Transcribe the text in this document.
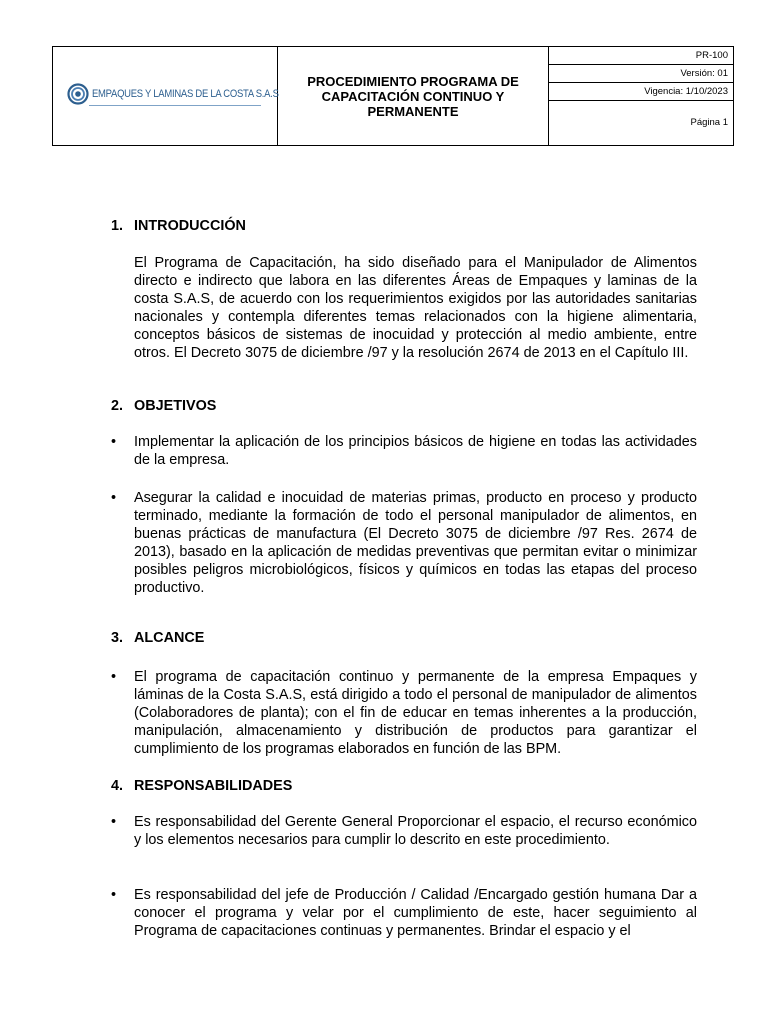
EMPAQUES Y LAMINAS DE LA COSTA S.A.S
PROCEDIMIENTO PROGRAMA DE CAPACITACIÓN CONTINUO Y PERMANENTE
PR-100
Versión: 01
Vigencia: 1/10/2023
Página 1
1. INTRODUCCIÓN

El Programa de Capacitación, ha sido diseñado para el Manipulador de Alimentos directo e indirecto que labora en las diferentes Áreas de Empaques y laminas de la costa S.A.S, de acuerdo con los requerimientos exigidos por las autoridades sanitarias nacionales y contempla diferentes temas relacionados con la higiene alimentaria, conceptos básicos de sistemas de inocuidad y protección al medio ambiente, entre otros. El Decreto 3075 de diciembre /97 y la resolución 2674 de 2013 en el Capítulo III.

2. OBJETIVOS
• Implementar la aplicación de los principios básicos de higiene en todas las actividades de la empresa.

• Asegurar la calidad e inocuidad de materias primas, producto en proceso y producto terminado, mediante la formación de todo el personal manipulador de alimentos, en buenas prácticas de manufactura (El Decreto 3075 de diciembre /97 Res. 2674 de 2013), basado en la aplicación de medidas preventivas que permitan evitar o minimizar posibles peligros microbiológicos, físicos y químicos en todas las etapas del proceso productivo.

3. ALCANCE
• El programa de capacitación continuo y permanente de la empresa Empaques y láminas de la Costa S.A.S, está dirigido a todo el personal de manipulador de alimentos (Colaboradores de planta); con el fin de educar en temas inherentes a la producción, manipulación, almacenamiento y distribución de productos para garantizar el cumplimiento de los programas elaborados en función de las BPM.

4. RESPONSABILIDADES
• Es responsabilidad del Gerente General Proporcionar el espacio, el recurso económico y los elementos necesarios para cumplir lo descrito en este procedimiento.

• Es responsabilidad del jefe de Producción / Calidad /Encargado gestión humana Dar a conocer el programa y velar por el cumplimiento de este, hacer seguimiento al Programa de capacitaciones continuas y permanentes. Brindar el espacio y el
